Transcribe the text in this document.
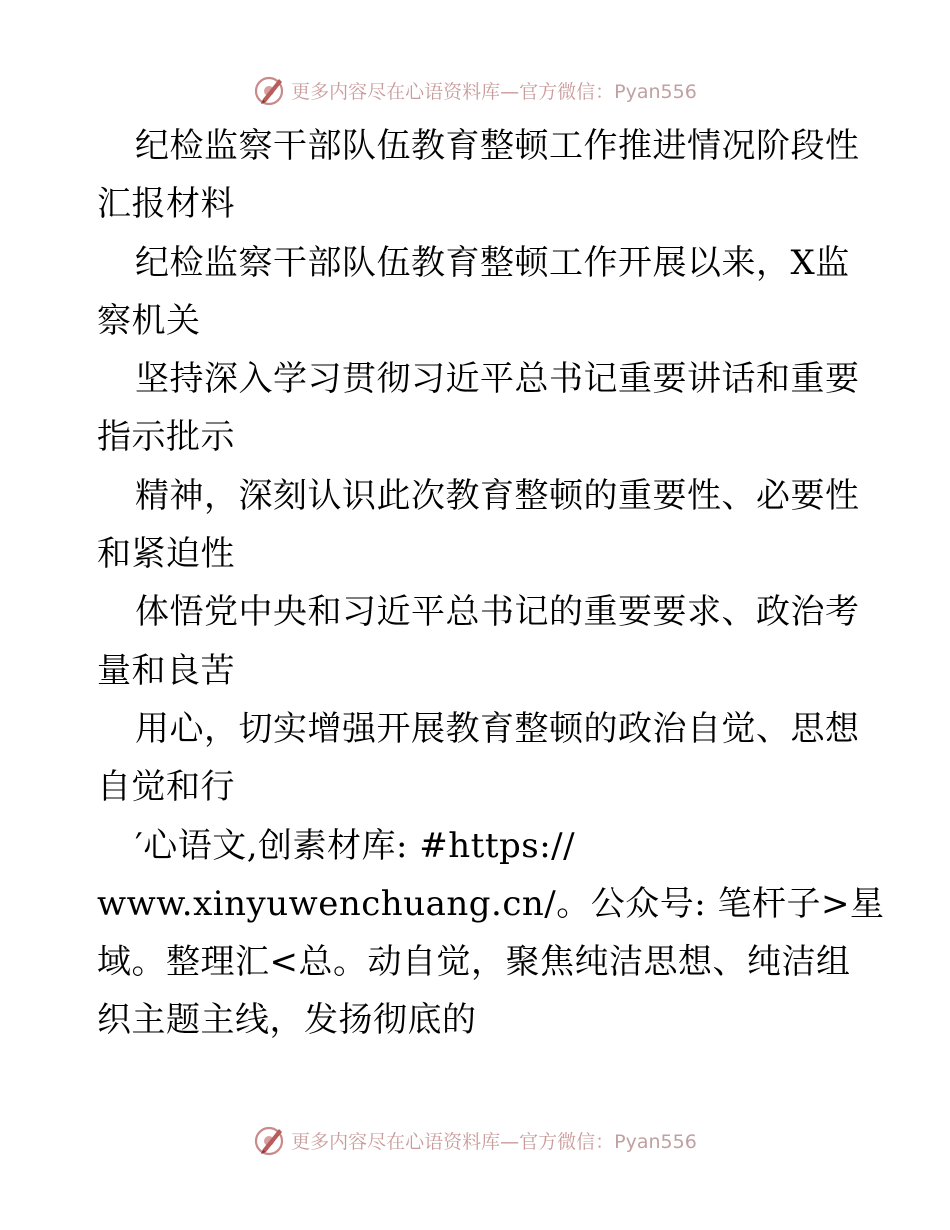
更多内容尽在心语资料库—官方微信：Pyan556
纪检监察干部队伍教育整顿工作推进情况阶段性
汇报材料
纪检监察干部队伍教育整顿工作开展以来，X监
察机关
坚持深入学习贯彻习近平总书记重要讲话和重要
指示批示
精神，深刻认识此次教育整顿的重要性、必要性
和紧迫性
体悟党中央和习近平总书记的重要要求、政治考
量和良苦
用心，切实增强开展教育整顿的政治自觉、思想
自觉和行
′心语文,创素材库: #https://
www.xinyuwenchuang.cn/。公众号: 笔杆子>星
域。整理汇<总。动自觉，聚焦纯洁思想、纯洁组
织主题主线，发扬彻底的
更多内容尽在心语资料库—官方微信：Pyan556
